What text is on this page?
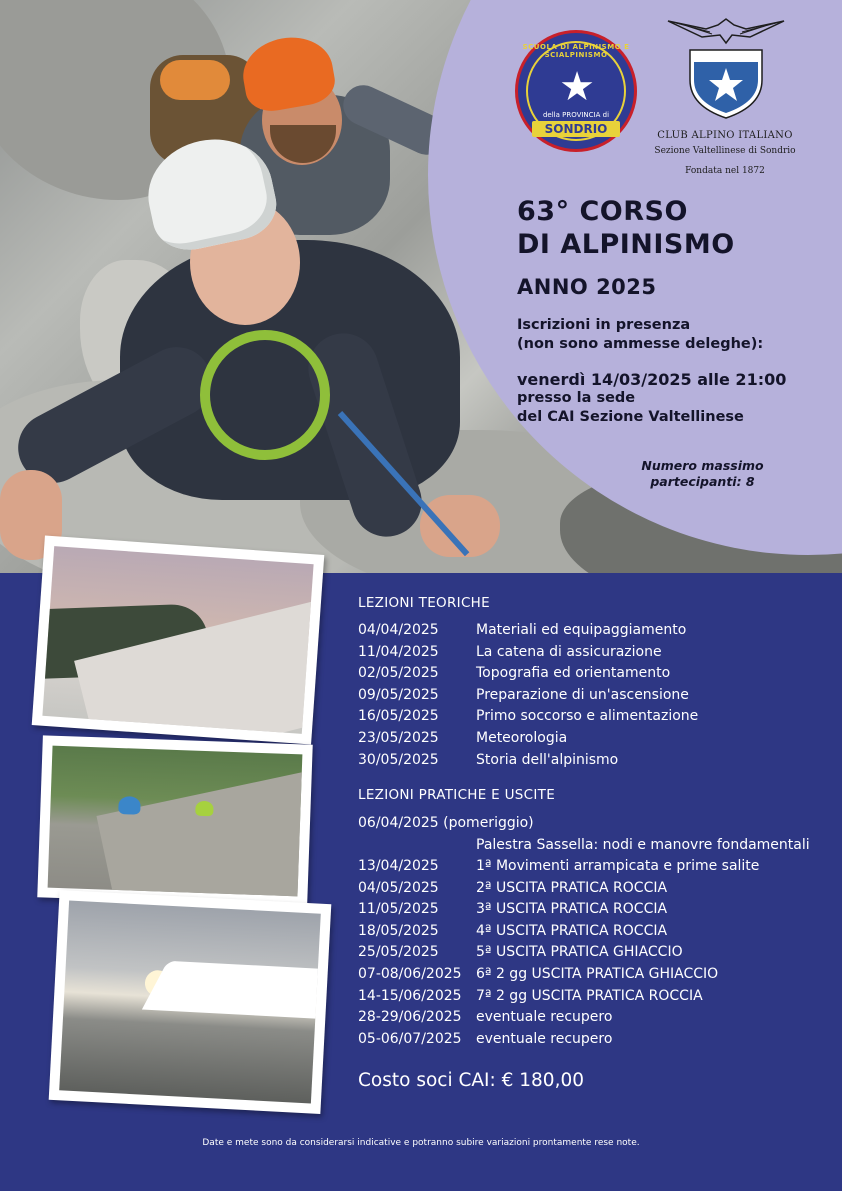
SCUOLA DI ALPINISMO E SCIALPINISMO
★
della PROVINCIA di
SONDRIO	CLUB ALPINO ITALIANO
Sezione Valtellinese di Sondrio
Fondata nel 1872
63° CORSO
DI ALPINISMO
ANNO 2025
Iscrizioni in presenza
(non sono ammesse deleghe):
venerdì 14/03/2025 alle 21:00
presso la sede
del CAI Sezione Valtellinese
Numero massimo
partecipanti: 8
LEZIONI TEORICHE
04/04/2025	Materiali ed equipaggiamento
11/04/2025	La catena di assicurazione
02/05/2025	Topografia ed orientamento
09/05/2025	Preparazione di un'ascensione
16/05/2025	Primo soccorso e alimentazione
23/05/2025	Meteorologia
30/05/2025	Storia dell'alpinismo
LEZIONI PRATICHE E USCITE
06/04/2025 (pomeriggio)
Palestra Sassella: nodi e manovre fondamentali
13/04/2025	1ª Movimenti arrampicata e prime salite
04/05/2025	2ª USCITA PRATICA ROCCIA
11/05/2025	3ª USCITA PRATICA ROCCIA
18/05/2025	4ª USCITA PRATICA ROCCIA
25/05/2025	5ª USCITA PRATICA GHIACCIO
07-08/06/2025 6ª 2 gg USCITA PRATICA GHIACCIO
14-15/06/2025 7ª 2 gg USCITA PRATICA ROCCIA
28-29/06/2025 eventuale recupero
05-06/07/2025 eventuale recupero
Costo soci CAI: € 180,00
Date e mete sono da considerarsi indicative e potranno subire variazioni prontamente rese note.
